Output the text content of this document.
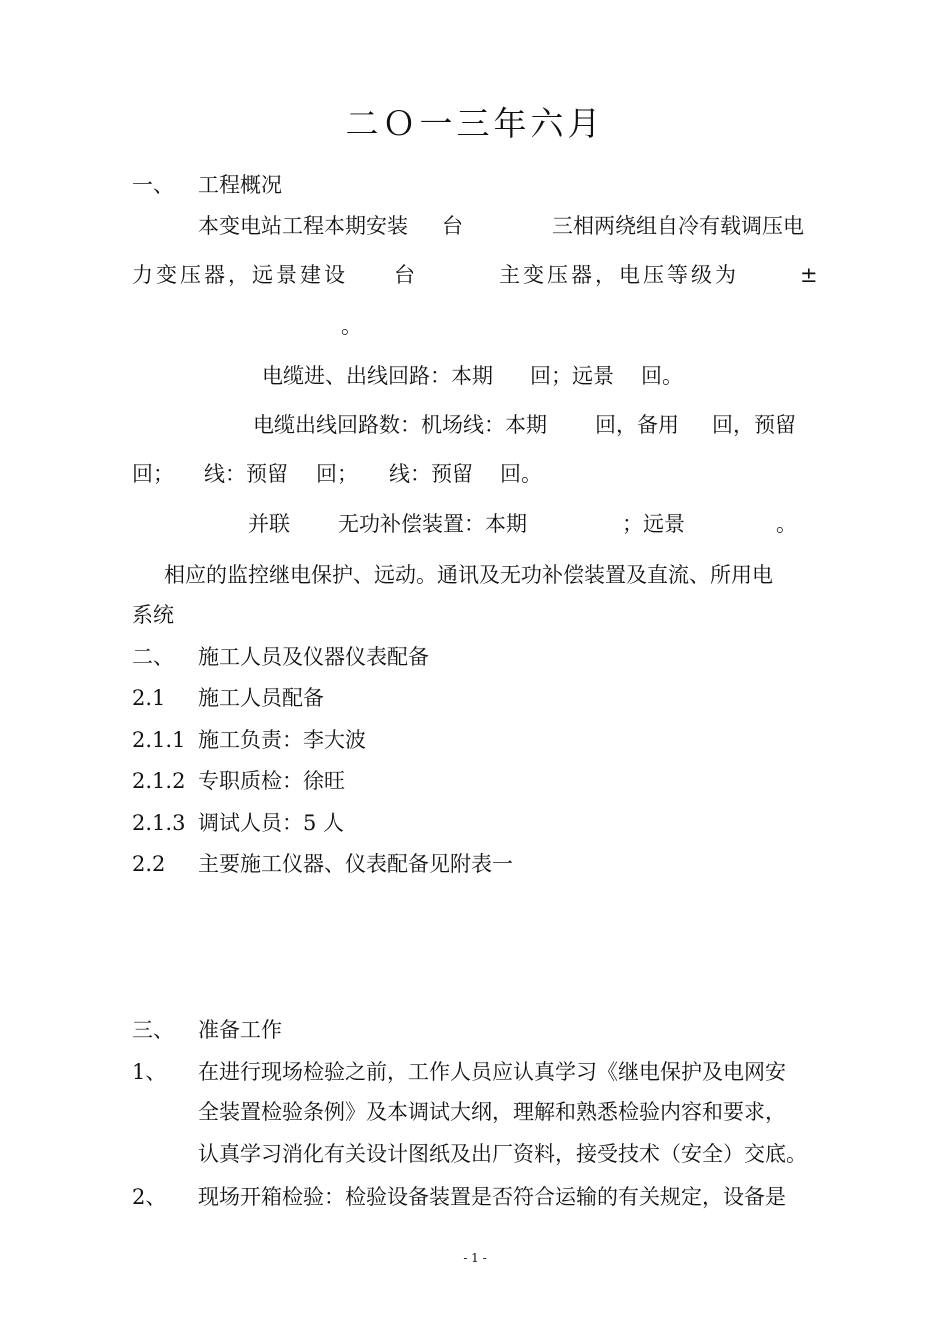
二Ｏ一三年六月
一、 工程概况
本变电站工程本期安装 台	三相两绕组自冷有载调压电
力变压器，远景建设 台	主变压器，电压等级为	±
。
电缆进、出线回路：本期 回；远景 回。
电缆出线回路数：机场线：本期 回，备用 回，预留
回； 线：预留 回； 线：预留 回。
并联 无功补偿装置：本期	；远景	。
相应的监控继电保护、远动。通讯及无功补偿装置及直流、所用电
系统
二、 施工人员及仪器仪表配备
2.1 施工人员配备
2.1.1 施工负责：李大波
2.1.2 专职质检：徐旺
2.1.3 调试人员：5 人
2.2 主要施工仪器、仪表配备见附表一
三、 准备工作
1、 在进行现场检验之前，工作人员应认真学习《继电保护及电网安
全装置检验条例》及本调试大纲，理解和熟悉检验内容和要求，
认真学习消化有关设计图纸及出厂资料，接受技术（安全）交底。
2、 现场开箱检验：检验设备装置是否符合运输的有关规定，设备是
- 1 -
